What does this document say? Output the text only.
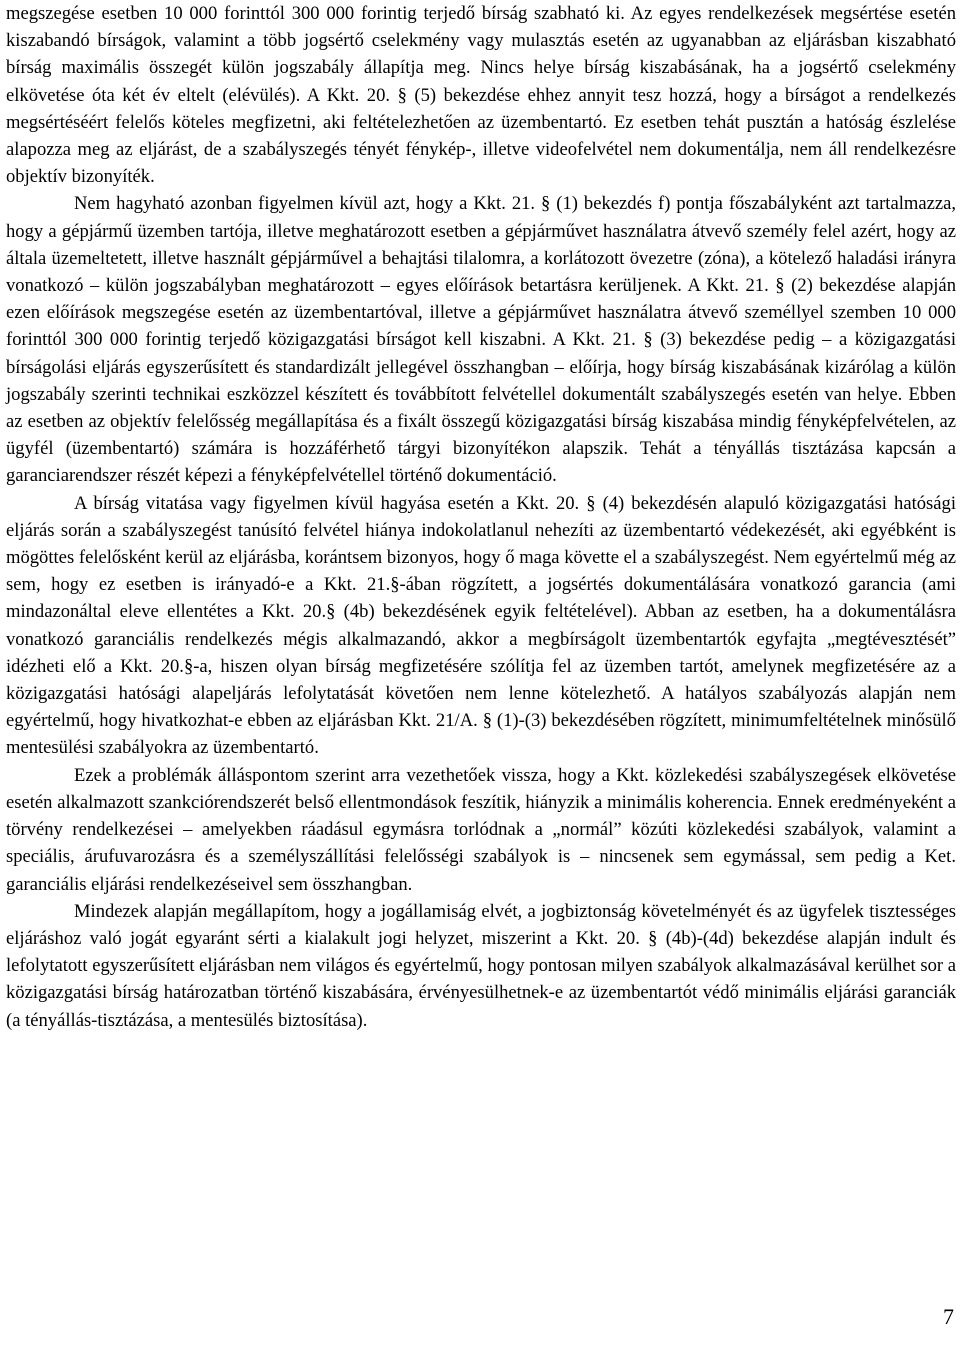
megszegése esetben 10 000 forinttól 300 000 forintig terjedő bírság szabható ki. Az egyes rendelkezések megsértése esetén kiszabandó bírságok, valamint a több jogsértő cselekmény vagy mulasztás esetén az ugyanabban az eljárásban kiszabható bírság maximális összegét külön jogszabály állapítja meg. Nincs helye bírság kiszabásának, ha a jogsértő cselekmény elkövetése óta két év eltelt (elévülés). A Kkt. 20. § (5) bekezdése ehhez annyit tesz hozzá, hogy a bírságot a rendelkezés megsértéséért felelős köteles megfizetni, aki feltételezhetően az üzembentartó. Ez esetben tehát pusztán a hatóság észlelése alapozza meg az eljárást, de a szabályszegés tényét fénykép-, illetve videofelvétel nem dokumentálja, nem áll rendelkezésre objektív bizonyíték.

Nem hagyható azonban figyelmen kívül azt, hogy a Kkt. 21. § (1) bekezdés f) pontja főszabályként azt tartalmazza, hogy a gépjármű üzemben tartója, illetve meghatározott esetben a gépjárművet használatra átvevő személy felel azért, hogy az általa üzemeltetett, illetve használt gépjárművel a behajtási tilalomra, a korlátozott övezetre (zóna), a kötelező haladási irányra vonatkozó – külön jogszabályban meghatározott – egyes előírások betartásra kerüljenek. A Kkt. 21. § (2) bekezdése alapján ezen előírások megszegése esetén az üzembentartóval, illetve a gépjárművet használatra átvevő személlyel szemben 10 000 forinttól 300 000 forintig terjedő közigazgatási bírságot kell kiszabni. A Kkt. 21. § (3) bekezdése pedig – a közigazgatási bírságolási eljárás egyszerűsített és standardizált jellegével összhangban – előírja, hogy bírság kiszabásának kizárólag a külön jogszabály szerinti technikai eszközzel készített és továbbított felvétellel dokumentált szabályszegés esetén van helye. Ebben az esetben az objektív felelősség megállapítása és a fixált összegű közigazgatási bírság kiszabása mindig fényképfelvételen, az ügyfél (üzembentartó) számára is hozzáférhető tárgyi bizonyítékon alapszik. Tehát a tényállás tisztázása kapcsán a garanciarendszer részét képezi a fényképfelvétellel történő dokumentáció.

A bírság vitatása vagy figyelmen kívül hagyása esetén a Kkt. 20. § (4) bekezdésén alapuló közigazgatási hatósági eljárás során a szabályszegést tanúsító felvétel hiánya indokolatlanul nehezíti az üzembentartó védekezését, aki egyébként is mögöttes felelősként kerül az eljárásba, korántsem bizonyos, hogy ő maga követte el a szabályszegést. Nem egyértelmű még az sem, hogy ez esetben is irányadó-e a Kkt. 21.§-ában rögzített, a jogsértés dokumentálására vonatkozó garancia (ami mindazonáltal eleve ellentétes a Kkt. 20.§ (4b) bekezdésének egyik feltételével). Abban az esetben, ha a dokumentálásra vonatkozó garanciális rendelkezés mégis alkalmazandó, akkor a megbírságolt üzembentartók egyfajta „megtévesztését” idézheti elő a Kkt. 20.§-a, hiszen olyan bírság megfizetésére szólítja fel az üzemben tartót, amelynek megfizetésére az a közigazgatási hatósági alapeljárás lefolytatását követően nem lenne kötelezhető. A hatályos szabályozás alapján nem egyértelmű, hogy hivatkozhat-e ebben az eljárásban Kkt. 21/A. § (1)-(3) bekezdésében rögzített, minimumfeltételnek minősülő mentesülési szabályokra az üzembentartó.

Ezek a problémák álláspontom szerint arra vezethetőek vissza, hogy a Kkt. közlekedési szabályszegések elkövetése esetén alkalmazott szankciórendszerét belső ellentmondások feszítik, hiányzik a minimális koherencia. Ennek eredményeként a törvény rendelkezései – amelyekben ráadásul egymásra torlódnak a „normál” közúti közlekedési szabályok, valamint a speciális, árufuvarozásra és a személyszállítási felelősségi szabályok is – nincsenek sem egymással, sem pedig a Ket. garanciális eljárási rendelkezéseivel sem összhangban.

Mindezek alapján megállapítom, hogy a jogállamiság elvét, a jogbiztonság követelményét és az ügyfelek tisztességes eljáráshoz való jogát egyaránt sérti a kialakult jogi helyzet, miszerint a Kkt. 20. § (4b)-(4d) bekezdése alapján indult és lefolytatott egyszerűsített eljárásban nem világos és egyértelmű, hogy pontosan milyen szabályok alkalmazásával kerülhet sor a közigazgatási bírság határozatban történő kiszabására, érvényesülhetnek-e az üzembentartót védő minimális eljárási garanciák (a tényállás-tisztázása, a mentesülés biztosítása).

7
